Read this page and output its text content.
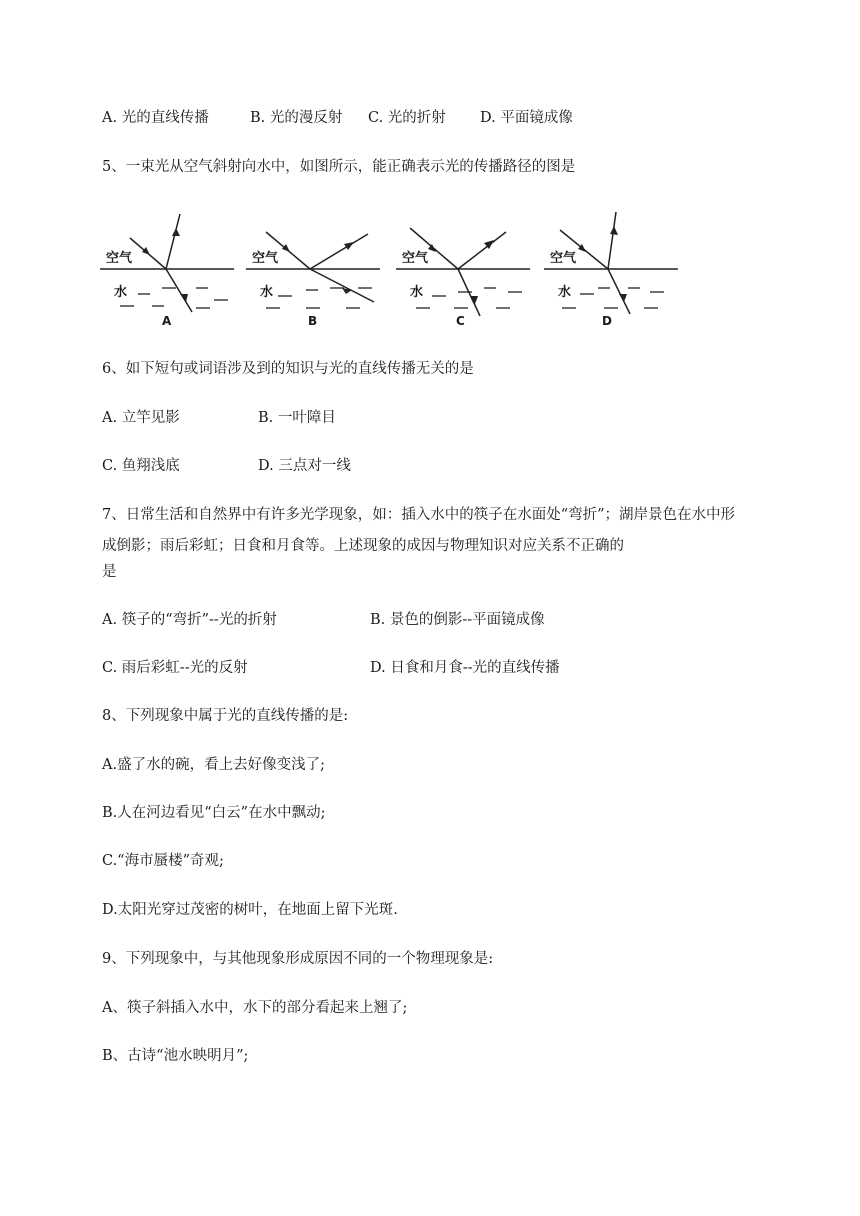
A. 光的直线传播	B. 光的漫反射 C. 光的折射 D. 平面镜成像
5、一束光从空气斜射向水中，如图所示，能正确表示光的传播路径的图是
空气
水
A
空气
水
B
空气
水
C
空气
水
D
6、如下短句或词语涉及到的知识与光的直线传播无关的是
A. 立竿见影	B. 一叶障目
C. 鱼翔浅底	D. 三点对一线
7、日常生活和自然界中有许多光学现象，如：插入水中的筷子在水面处“弯折”；湖岸景色在水中形
成倒影；雨后彩虹；日食和月食等。上述现象的成因与物理知识对应关系不正确的
是
A. 筷子的“弯折”--光的折射	B. 景色的倒影--平面镜成像
C. 雨后彩虹--光的反射	D. 日食和月食--光的直线传播
8、下列现象中属于光的直线传播的是:
A.盛了水的碗，看上去好像变浅了;
B.人在河边看见“白云”在水中飘动;
C.“海市蜃楼”奇观;
D.太阳光穿过茂密的树叶，在地面上留下光斑.
9、下列现象中，与其他现象形成原因不同的一个物理现象是:
A、筷子斜插入水中，水下的部分看起来上翘了;
B、古诗“池水映明月”;
